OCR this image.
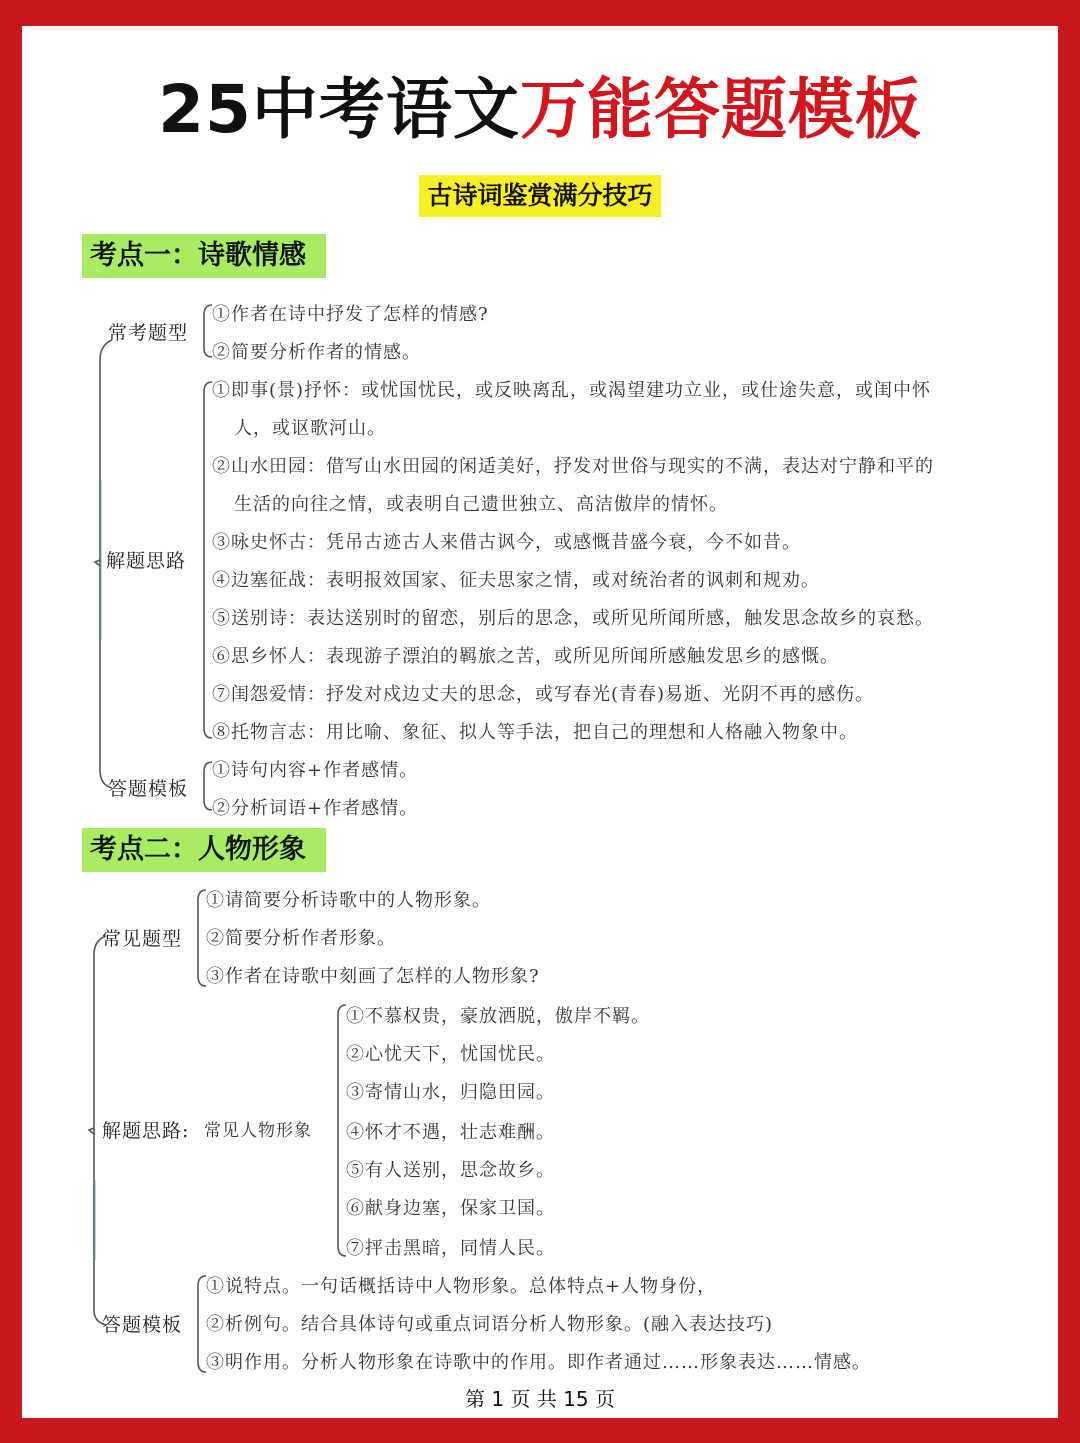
25中考语文万能答题模板
古诗词鉴赏满分技巧
考点一：诗歌情感
常考题型
①作者在诗中抒发了怎样的情感?
②简要分析作者的情感。
解题思路
①即事(景)抒怀：或忧国忧民，或反映离乱，或渴望建功立业，或仕途失意，或闺中怀
人，或讴歌河山。
②山水田园：借写山水田园的闲适美好，抒发对世俗与现实的不满，表达对宁静和平的
生活的向往之情，或表明自己遗世独立、高洁傲岸的情怀。
③咏史怀古：凭吊古迹古人来借古讽今，或感慨昔盛今衰，今不如昔。
④边塞征战：表明报效国家、征夫思家之情，或对统治者的讽刺和规劝。
⑤送别诗：表达送别时的留恋，别后的思念，或所见所闻所感，触发思念故乡的哀愁。
⑥思乡怀人：表现游子漂泊的羁旅之苦，或所见所闻所感触发思乡的感慨。
⑦闺怨爱情：抒发对戍边丈夫的思念，或写春光(青春)易逝、光阴不再的感伤。
⑧托物言志：用比喻、象征、拟人等手法，把自己的理想和人格融入物象中。
答题模板
①诗句内容+作者感情。
②分析词语+作者感情。
考点二：人物形象
常见题型
①请简要分析诗歌中的人物形象。
②简要分析作者形象。
③作者在诗歌中刻画了怎样的人物形象?
解题思路: 常见人物形象
①不慕权贵，豪放洒脱，傲岸不羁。
②心忧天下，忧国忧民。
③寄情山水，归隐田园。
④怀才不遇，壮志难酬。
⑤有人送别，思念故乡。
⑥献身边塞，保家卫国。
⑦抨击黑暗，同情人民。
答题模板
①说特点。一句话概括诗中人物形象。总体特点+人物身份，
②析例句。结合具体诗句或重点词语分析人物形象。(融入表达技巧)
③明作用。分析人物形象在诗歌中的作用。即作者通过……形象表达……情感。
第 1 页 共 15 页
